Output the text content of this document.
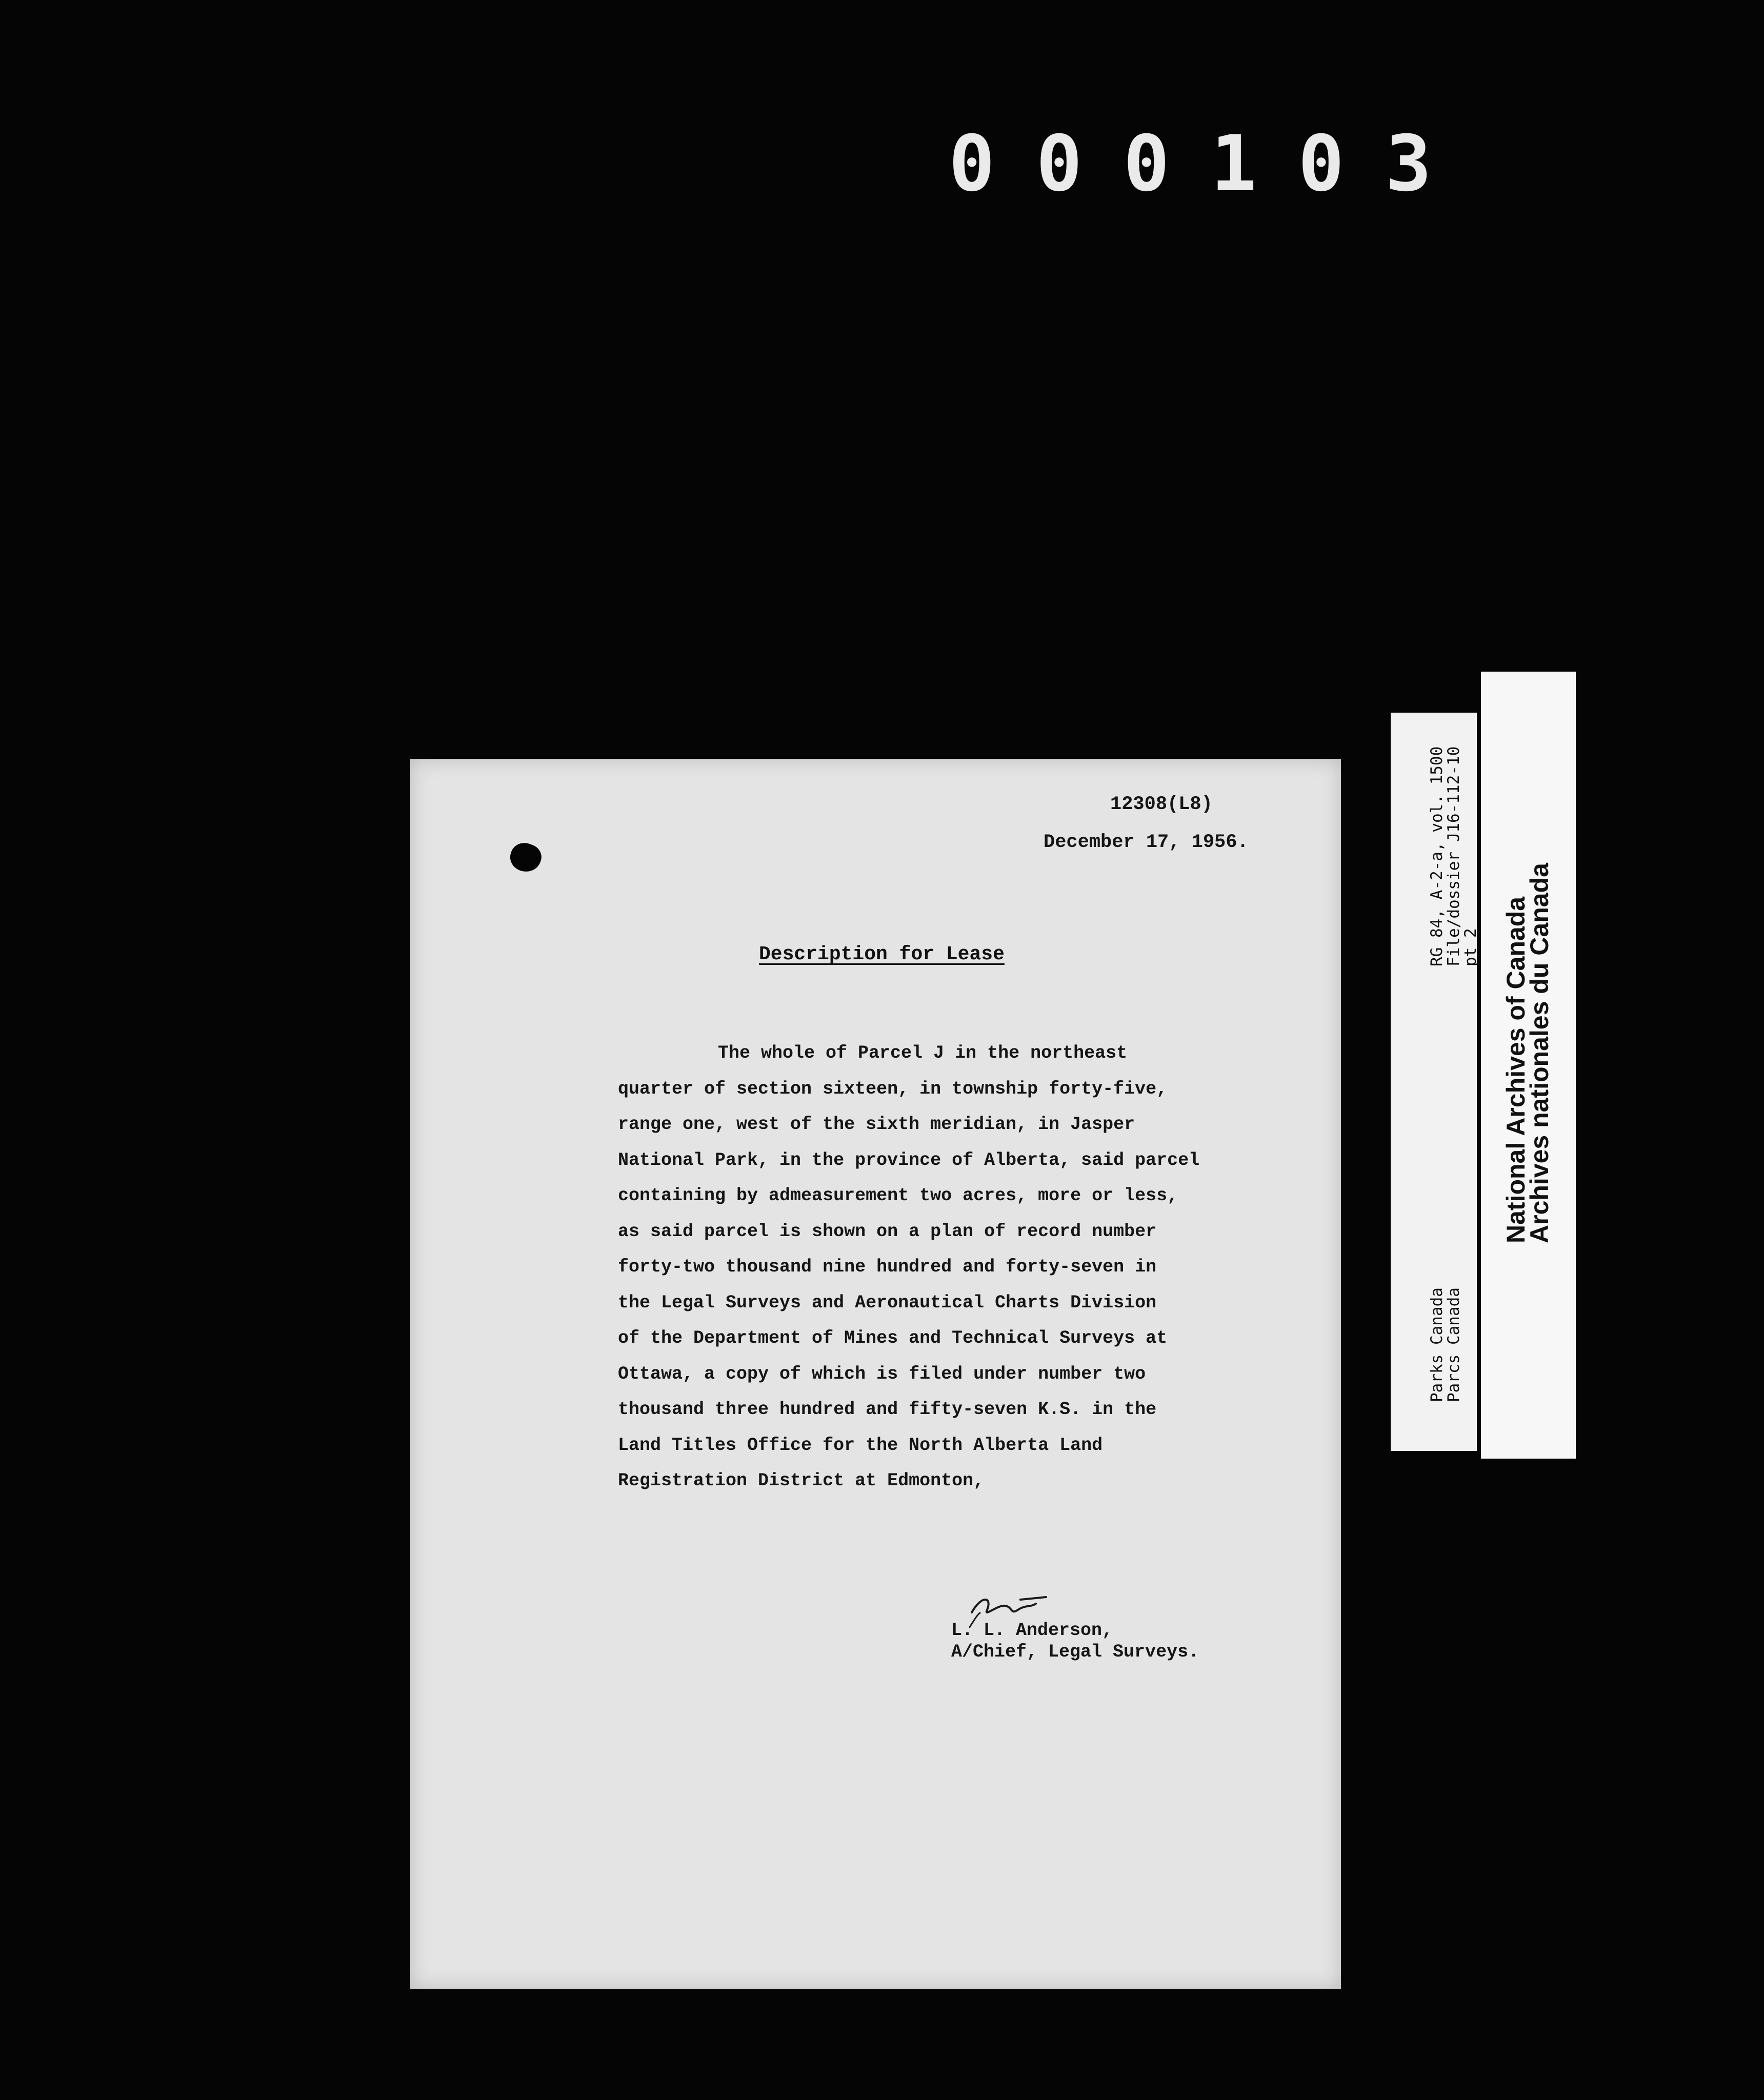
000103
12308(L8)
December 17, 1956.
Description for Lease
The whole of Parcel J in the northeast
quarter of section sixteen, in township forty-five,
range one, west of the sixth meridian, in Jasper
National Park, in the province of Alberta, said parcel
containing by admeasurement two acres, more or less,
as said parcel is shown on a plan of record number
forty-two thousand nine hundred and forty-seven in
the Legal Surveys and Aeronautical Charts Division
of the Department of Mines and Technical Surveys at
Ottawa, a copy of which is filed under number two
thousand three hundred and fifty-seven K.S. in the
Land Titles Office for the North Alberta Land
Registration District at Edmonton,
L. L. Anderson,
A/Chief, Legal Surveys.
RG 84, A-2-a, vol. 1500
File/dossier J16-112-10
pt 2
Parks Canada
Parcs Canada
National Archives of Canada
Archives nationales du Canada
